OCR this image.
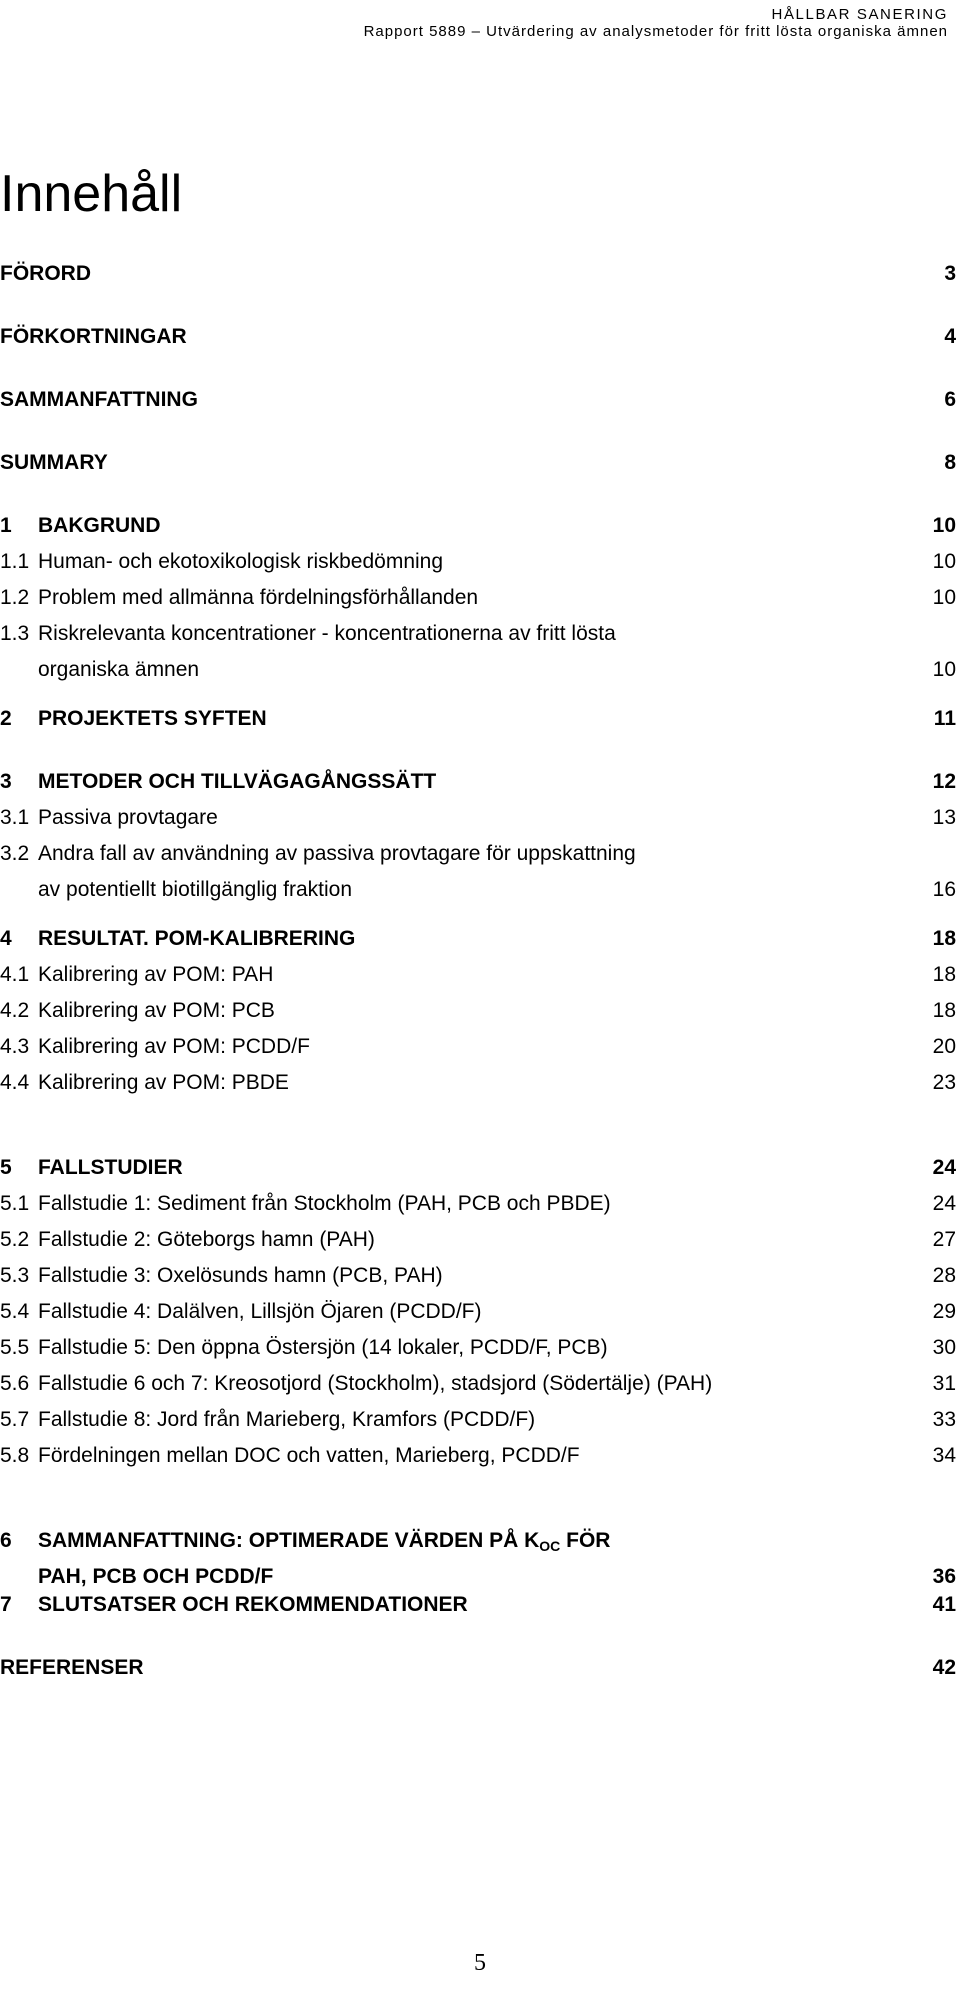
HÅLLBAR SANERING
Rapport 5889 – Utvärdering av analysmetoder för fritt lösta organiska ämnen
Innehåll
FÖRORD	3
FÖRKORTNINGAR	4
SAMMANFATTNING	6
SUMMARY	8
1 BAKGRUND	10
1.1 Human- och ekotoxikologisk riskbedömning	10
1.2 Problem med allmänna fördelningsförhållanden	10
1.3 Riskrelevanta koncentrationer - koncentrationerna av fritt lösta
organiska ämnen	10
2 PROJEKTETS SYFTEN	11
3 METODER OCH TILLVÄGAGÅNGSSÄTT	12
3.1 Passiva provtagare	13
3.2 Andra fall av användning av passiva provtagare för uppskattning
av potentiellt biotillgänglig fraktion	16
4 RESULTAT. POM-KALIBRERING	18
4.1 Kalibrering av POM: PAH	18
4.2 Kalibrering av POM: PCB	18
4.3 Kalibrering av POM: PCDD/F	20
4.4 Kalibrering av POM: PBDE	23
5 FALLSTUDIER	24
5.1 Fallstudie 1: Sediment från Stockholm (PAH, PCB och PBDE)	24
5.2 Fallstudie 2: Göteborgs hamn (PAH)	27
5.3 Fallstudie 3: Oxelösunds hamn (PCB, PAH)	28
5.4 Fallstudie 4: Dalälven, Lillsjön Öjaren (PCDD/F)	29
5.5 Fallstudie 5: Den öppna Östersjön (14 lokaler, PCDD/F, PCB)	30
5.6 Fallstudie 6 och 7: Kreosotjord (Stockholm), stadsjord (Södertälje) (PAH)	31
5.7 Fallstudie 8: Jord från Marieberg, Kramfors (PCDD/F)	33
5.8 Fördelningen mellan DOC och vatten, Marieberg, PCDD/F	34
6 SAMMANFATTNING: OPTIMERADE VÄRDEN PÅ $K_{OC}$ FÖR
PAH, PCB OCH PCDD/F	36
7 SLUTSATSER OCH REKOMMENDATIONER	41
REFERENSER	42
5
